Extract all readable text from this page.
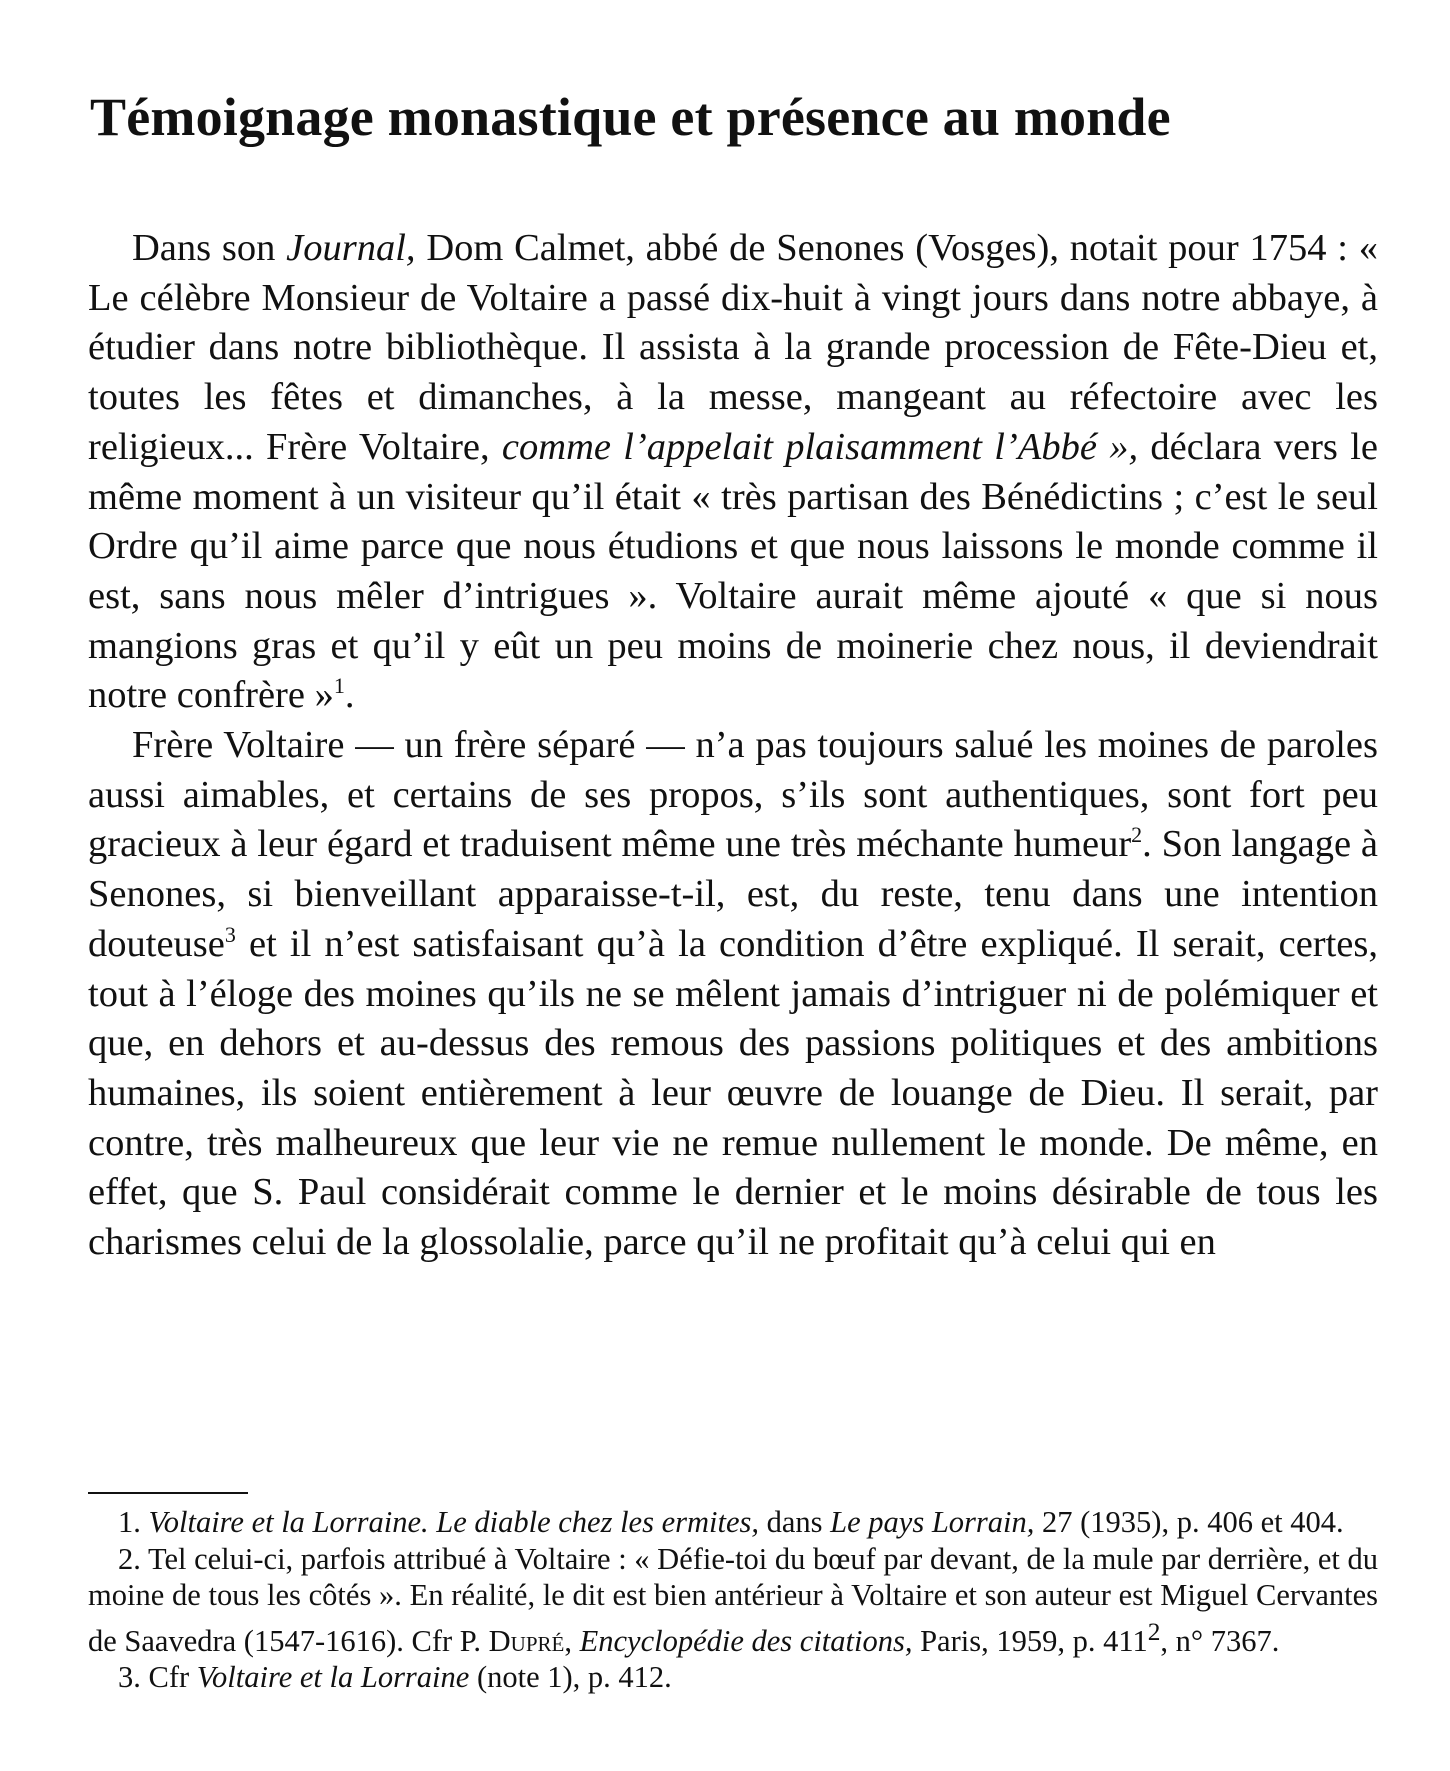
Témoignage monastique et présence au monde

Dans son Journal, Dom Calmet, abbé de Senones (Vosges), notait pour 1754 : « Le célèbre Monsieur de Voltaire a passé dix-huit à vingt jours dans notre abbaye, à étudier dans notre bibliothèque. Il assista à la grande procession de Fête-Dieu et, toutes les fêtes et dimanches, à la messe, mangeant au réfectoire avec les religieux... Frère Voltaire, comme l’appelait plaisamment l’Abbé », déclara vers le même moment à un visiteur qu’il était « très partisan des Bénédictins ; c’est le seul Ordre qu’il aime parce que nous étudions et que nous laissons le monde comme il est, sans nous mêler d’intrigues ». Voltaire aurait même ajouté « que si nous mangions gras et qu’il y eût un peu moins de moinerie chez nous, il deviendrait notre confrère »$^1$.

Frère Voltaire — un frère séparé — n’a pas toujours salué les moines de paroles aussi aimables, et certains de ses propos, s’ils sont authentiques, sont fort peu gracieux à leur égard et traduisent même une très méchante humeur$^2$. Son langage à Senones, si bienveillant apparaisse-t-il, est, du reste, tenu dans une intention douteuse$^3$ et il n’est satisfaisant qu’à la condition d’être expliqué. Il serait, certes, tout à l’éloge des moines qu’ils ne se mêlent jamais d’intriguer ni de polémiquer et que, en dehors et au-dessus des remous des passions politiques et des ambitions humaines, ils soient entièrement à leur œuvre de louange de Dieu. Il serait, par contre, très malheureux que leur vie ne remue nullement le monde. De même, en effet, que S. Paul considérait comme le dernier et le moins désirable de tous les charismes celui de la glossolalie, parce qu’il ne profitait qu’à celui qui en

1. Voltaire et la Lorraine. Le diable chez les ermites, dans Le pays Lorrain, 27 (1935), p. 406 et 404.

2. Tel celui-ci, parfois attribué à Voltaire : « Défie-toi du bœuf par devant, de la mule par derrière, et du moine de tous les côtés ». En réalité, le dit est bien antérieur à Voltaire et son auteur est Miguel Cervantes de Saavedra (1547-1616). Cfr P. Dupré, Encyclopédie des citations, Paris, 1959, p. $411^2$, n° 7367.

3. Cfr Voltaire et la Lorraine (note 1), p. 412.
